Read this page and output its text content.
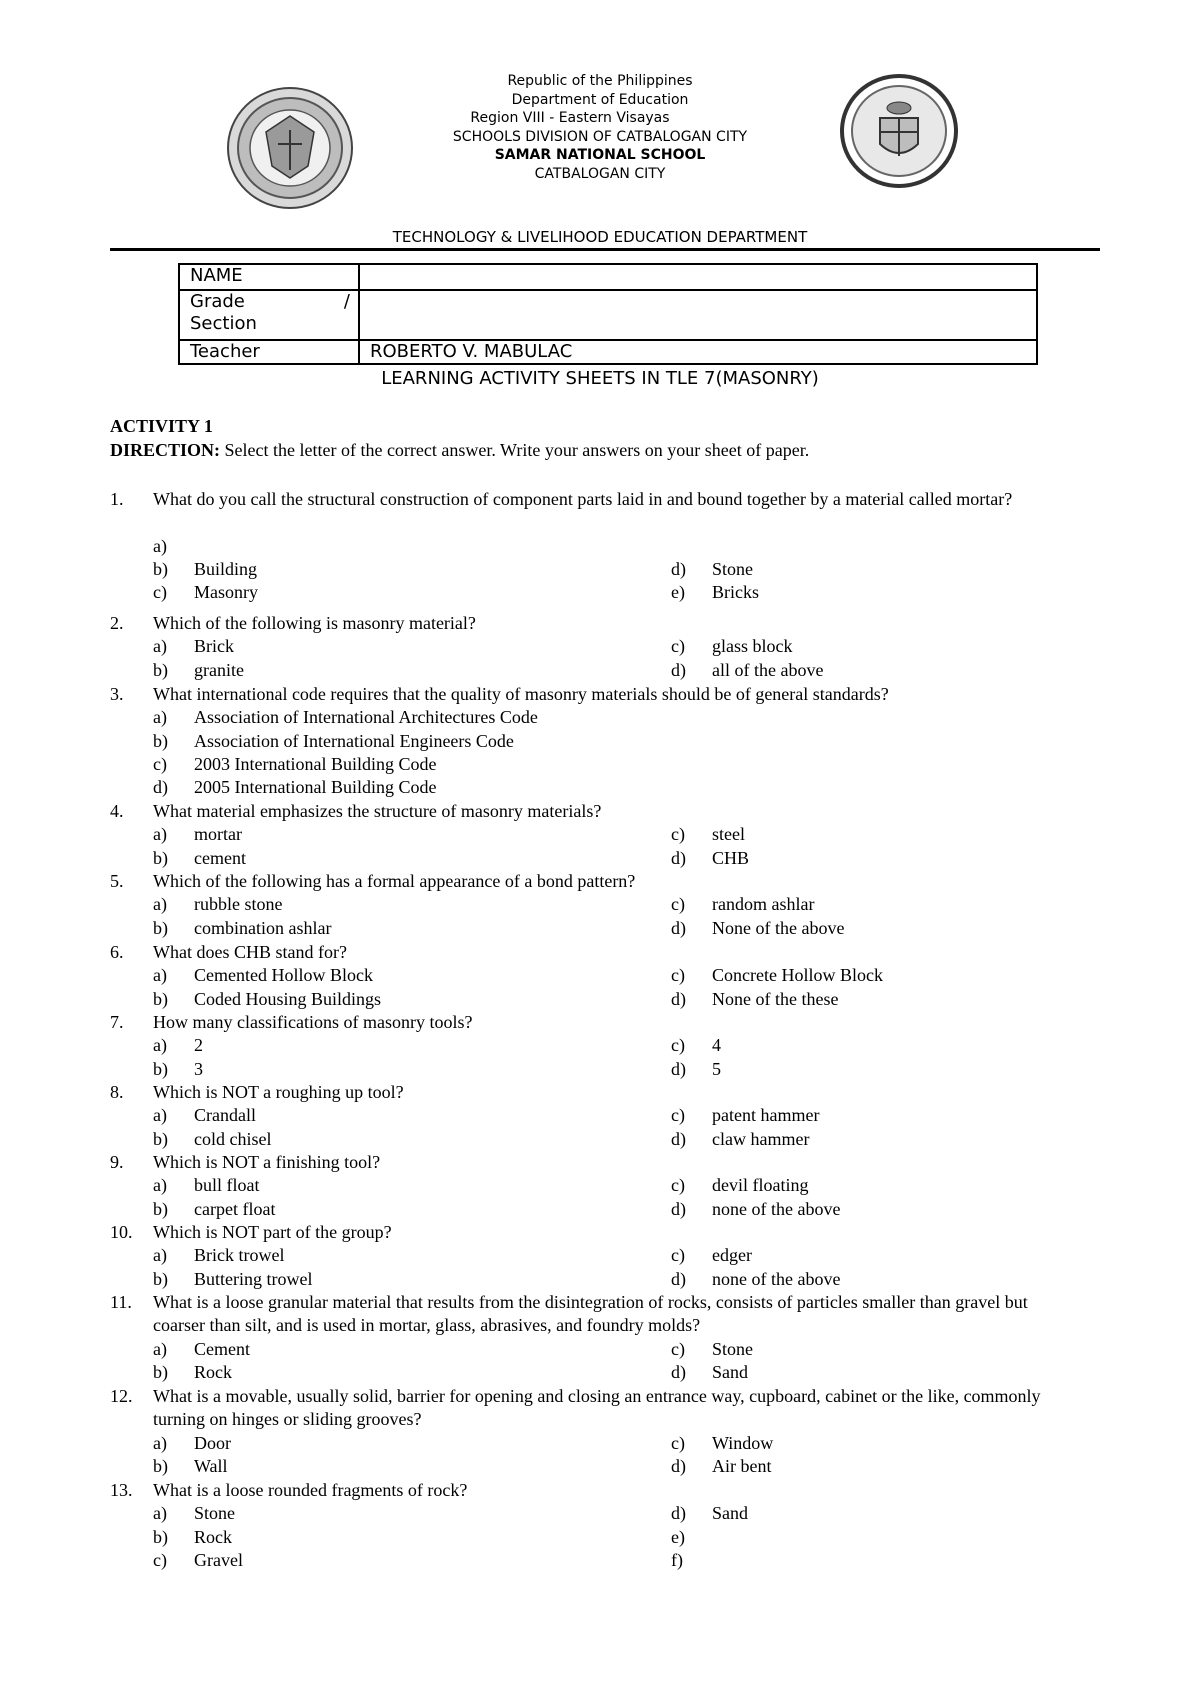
Republic of the Philippines
Department of Education
Region VIII - Eastern Visayas
SCHOOLS DIVISION OF CATBALOGAN CITY
SAMAR NATIONAL SCHOOL
CATBALOGAN CITY
TECHNOLOGY & LIVELIHOOD EDUCATION DEPARTMENT
NAME	

Grade /
Section	

Teacher	ROBERTO V. MABULAC
LEARNING ACTIVITY SHEETS IN TLE 7(MASONRY)
ACTIVITY 1
DIRECTION: Select the letter of the correct answer. Write your answers on your sheet of paper.
1. What do you call the structural construction of component parts laid in and bound together by a material called mortar?
a)
b) Building	d) Stone
c) Masonry	e) Bricks
2. Which of the following is masonry material?
a) Brick	c) glass block
b) granite	d) all of the above
3. What international code requires that the quality of masonry materials should be of general standards?
a) Association of International Architectures Code
b) Association of International Engineers Code
c) 2003 International Building Code
d) 2005 International Building Code
4. What material emphasizes the structure of masonry materials?
a) mortar	c) steel
b) cement	d) CHB
5. Which of the following has a formal appearance of a bond pattern?
a) rubble stone	c) random ashlar
b) combination ashlar	d) None of the above
6. What does CHB stand for?
a) Cemented Hollow Block	c) Concrete Hollow Block
b) Coded Housing Buildings	d) None of the these
7. How many classifications of masonry tools?
a) 2	c) 4
b) 3	d) 5
8. Which is NOT a roughing up tool?
a) Crandall	c) patent hammer
b) cold chisel	d) claw hammer
9. Which is NOT a finishing tool?
a) bull float	c) devil floating
b) carpet float	d) none of the above
10. Which is NOT part of the group?
a) Brick trowel	c) edger
b) Buttering trowel	d) none of the above
11. What is a loose granular material that results from the disintegration of rocks, consists of particles smaller than gravel but coarser than silt, and is used in mortar, glass, abrasives, and foundry molds?
a) Cement	c) Stone
b) Rock	d) Sand
12. What is a movable, usually solid, barrier for opening and closing an entrance way, cupboard, cabinet or the like, commonly turning on hinges or sliding grooves?
a) Door	c) Window
b) Wall	d) Air bent
13. What is a loose rounded fragments of rock?
a) Stone	d) Sand
b) Rock	e)
c) Gravel	f)
